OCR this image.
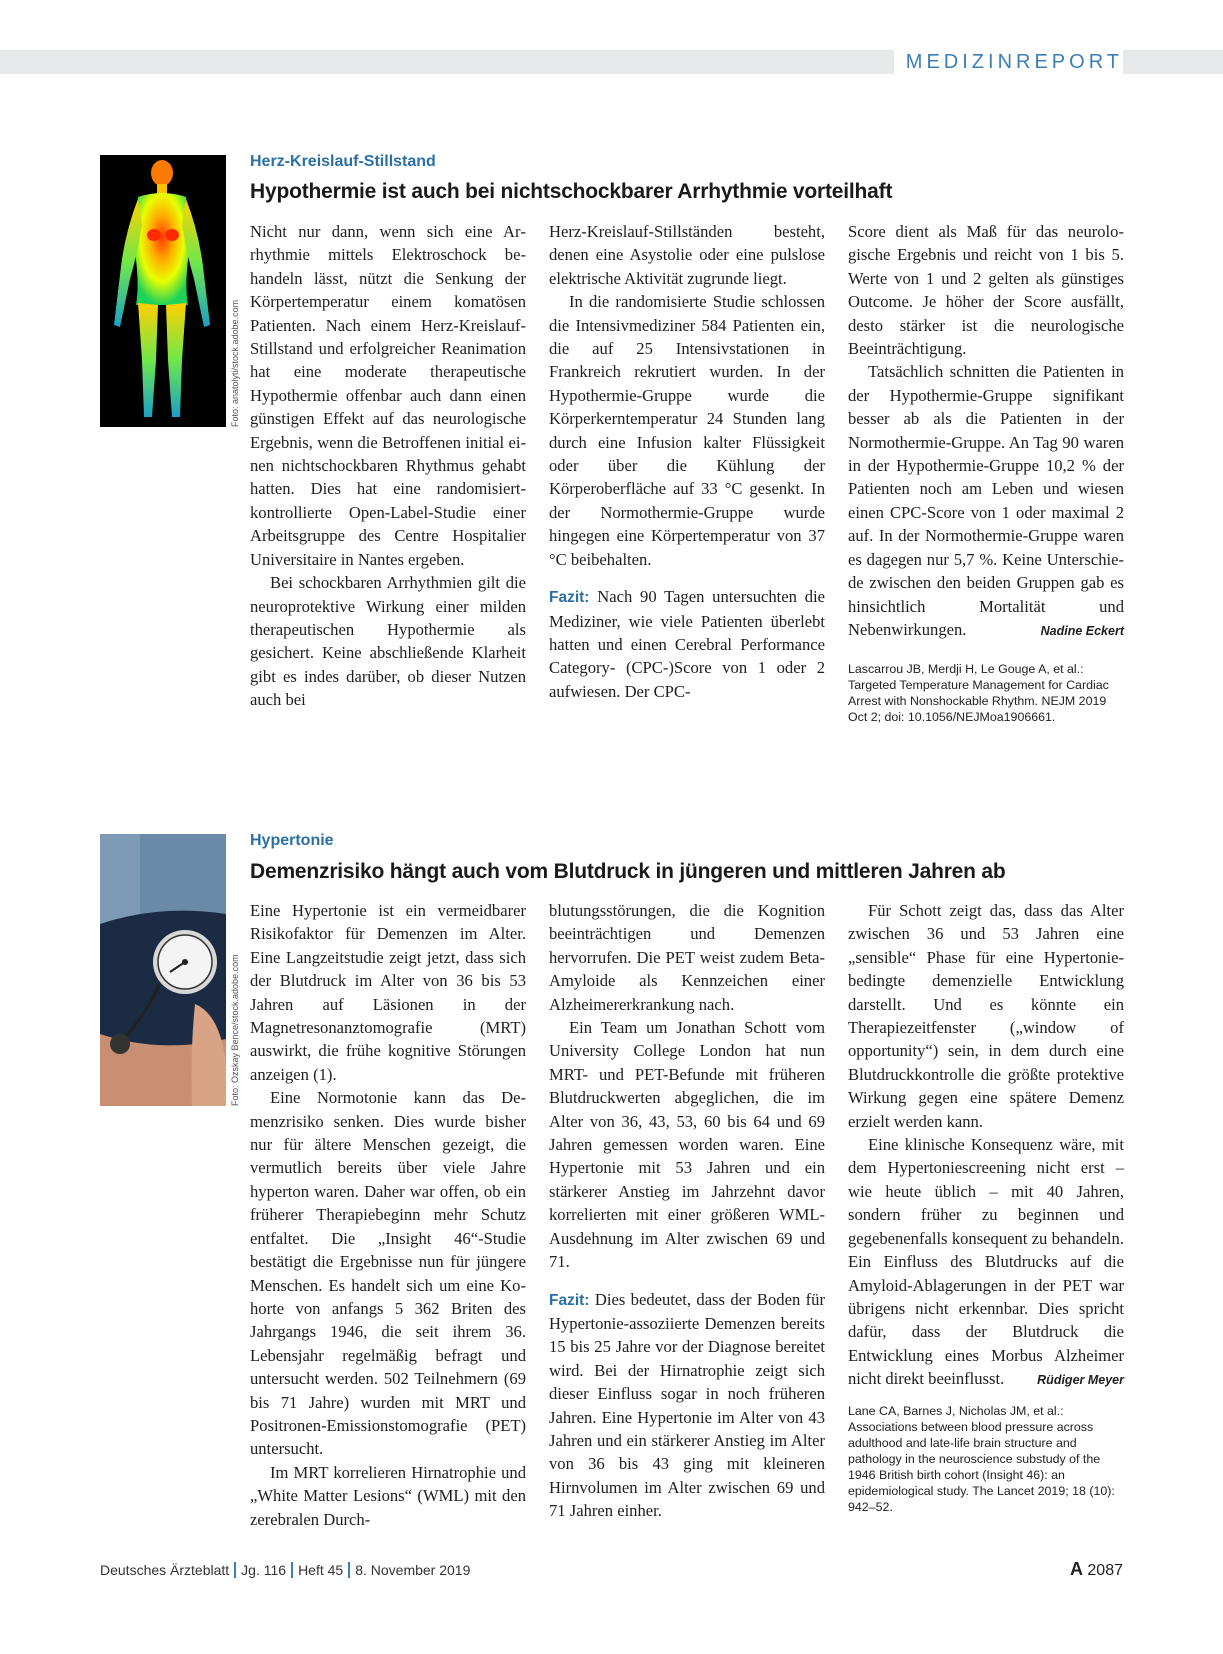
MEDIZINREPORT
Foto: anatolyti/stock.adobe.com
Herz-Kreislauf-Stillstand
Hypothermie ist auch bei nichtschockbarer Arrhythmie vorteilhaft

Nicht nur dann, wenn sich eine Arrhythmie mittels Elektroschock behandeln lässt, nützt die Senkung der Körpertemperatur einem komatösen Patienten. Nach einem Herz-Kreislauf-Stillstand und erfolgreicher Reanimation hat eine moderate therapeutische Hypothermie offenbar auch dann einen günstigen Effekt auf das neurologische Ergebnis, wenn die Betroffenen initial einen nichtschockbaren Rhythmus gehabt hatten. Dies hat eine randomisiert-kontrollierte Open-Label-Studie einer Arbeitsgruppe des Centre Hospitalier Universitaire in Nantes ergeben.

Bei schockbaren Arrhythmien gilt die neuroprotektive Wirkung einer milden therapeutischen Hypothermie als gesichert. Keine abschließende Klarheit gibt es indes darüber, ob dieser Nutzen auch bei

Herz-Kreislauf-Stillständen besteht, denen eine Asystolie oder eine pulslose elektrische Aktivität zugrunde liegt.

In die randomisierte Studie schlossen die Intensivmediziner 584 Patienten ein, die auf 25 Intensivstationen in Frankreich rekrutiert wurden. In der Hypothermie-Gruppe wurde die Körperkerntemperatur 24 Stunden lang durch eine Infusion kalter Flüssigkeit oder über die Kühlung der Körperoberfläche auf 33 °C gesenkt. In der Normothermie-Gruppe wurde hingegen eine Körpertemperatur von 37 °C beibehalten.

Fazit: Nach 90 Tagen untersuchten die Mediziner, wie viele Patienten überlebt hatten und einen Cerebral Performance Category- (CPC-)Score von 1 oder 2 aufwiesen. Der CPC-

Score dient als Maß für das neurologische Ergebnis und reicht von 1 bis 5. Werte von 1 und 2 gelten als günstiges Outcome. Je höher der Score ausfällt, desto stärker ist die neurologische Beeinträchtigung.

Tatsächlich schnitten die Patienten in der Hypothermie-Gruppe signifikant besser ab als die Patienten in der Normothermie-Gruppe. An Tag 90 waren in der Hypothermie-Gruppe 10,2 % der Patienten noch am Leben und wiesen einen CPC-Score von 1 oder maximal 2 auf. In der Normothermie-Gruppe waren es dagegen nur 5,7 %. Keine Unterschiede zwischen den beiden Gruppen gab es hinsichtlich Mortalität und Nebenwirkungen.	Nadine Eckert

Lascarrou JB, Merdji H, Le Gouge A, et al.: Targeted Temperature Management for Cardiac Arrest with Nonshockable Rhythm. NEJM 2019 Oct 2; doi: 10.1056/NEJMoa1906661.
Foto: Ozskay Bence/stock.adobe.com
Hypertonie
Demenzrisiko hängt auch vom Blutdruck in jüngeren und mittleren Jahren ab

Eine Hypertonie ist ein vermeidbarer Risikofaktor für Demenzen im Alter. Eine Langzeitstudie zeigt jetzt, dass sich der Blutdruck im Alter von 36 bis 53 Jahren auf Läsionen in der Magnetresonanztomografie (MRT) auswirkt, die frühe kognitive Störungen anzeigen (1).

Eine Normotonie kann das Demenzrisiko senken. Dies wurde bisher nur für ältere Menschen gezeigt, die vermutlich bereits über viele Jahre hyperton waren. Daher war offen, ob ein früherer Therapiebeginn mehr Schutz entfaltet. Die „Insight 46“-Studie bestätigt die Ergebnisse nun für jüngere Menschen. Es handelt sich um eine Kohorte von anfangs 5 362 Briten des Jahrgangs 1946, die seit ihrem 36. Lebensjahr regelmäßig befragt und untersucht werden. 502 Teilnehmern (69 bis 71 Jahre) wurden mit MRT und Positronen-Emissionstomografie (PET) untersucht.

Im MRT korrelieren Hirnatrophie und „White Matter Lesions“ (WML) mit den zerebralen Durch-

blutungsstörungen, die die Kognition beeinträchtigen und Demenzen hervorrufen. Die PET weist zudem Beta-Amyloide als Kennzeichen einer Alzheimererkrankung nach.

Ein Team um Jonathan Schott vom University College London hat nun MRT- und PET-Befunde mit früheren Blutdruckwerten abgeglichen, die im Alter von 36, 43, 53, 60 bis 64 und 69 Jahren gemessen worden waren. Eine Hypertonie mit 53 Jahren und ein stärkerer Anstieg im Jahrzehnt davor korrelierten mit einer größeren WML-Ausdehnung im Alter zwischen 69 und 71.

Fazit: Dies bedeutet, dass der Boden für Hypertonie-assoziierte Demenzen bereits 15 bis 25 Jahre vor der Diagnose bereitet wird. Bei der Hirnatrophie zeigt sich dieser Einfluss sogar in noch früheren Jahren. Eine Hypertonie im Alter von 43 Jahren und ein stärkerer Anstieg im Alter von 36 bis 43 ging mit kleineren Hirnvolumen im Alter zwischen 69 und 71 Jahren einher.

Für Schott zeigt das, dass das Alter zwischen 36 und 53 Jahren eine „sensible“ Phase für eine Hypertonie-bedingte demenzielle Entwicklung darstellt. Und es könnte ein Therapiezeitfenster („window of opportunity“) sein, in dem durch eine Blutdruckkontrolle die größte protektive Wirkung gegen eine spätere Demenz erzielt werden kann.

Eine klinische Konsequenz wäre, mit dem Hypertoniescreening nicht erst – wie heute üblich – mit 40 Jahren, sondern früher zu beginnen und gegebenenfalls konsequent zu behandeln. Ein Einfluss des Blutdrucks auf die Amyloid-Ablagerungen in der PET war übrigens nicht erkennbar. Dies spricht dafür, dass der Blutdruck die Entwicklung eines Morbus Alzheimer nicht direkt beeinflusst.	Rüdiger Meyer

Lane CA, Barnes J, Nicholas JM, et al.: Associations between blood pressure across adulthood and late-life brain structure and pathology in the neuroscience substudy of the 1946 British birth cohort (Insight 46): an epidemiological study. The Lancet 2019; 18 (10): 942–52.
Deutsches Ärzteblatt Jg. 116 Heft 45 8. November 2019	A 2087
